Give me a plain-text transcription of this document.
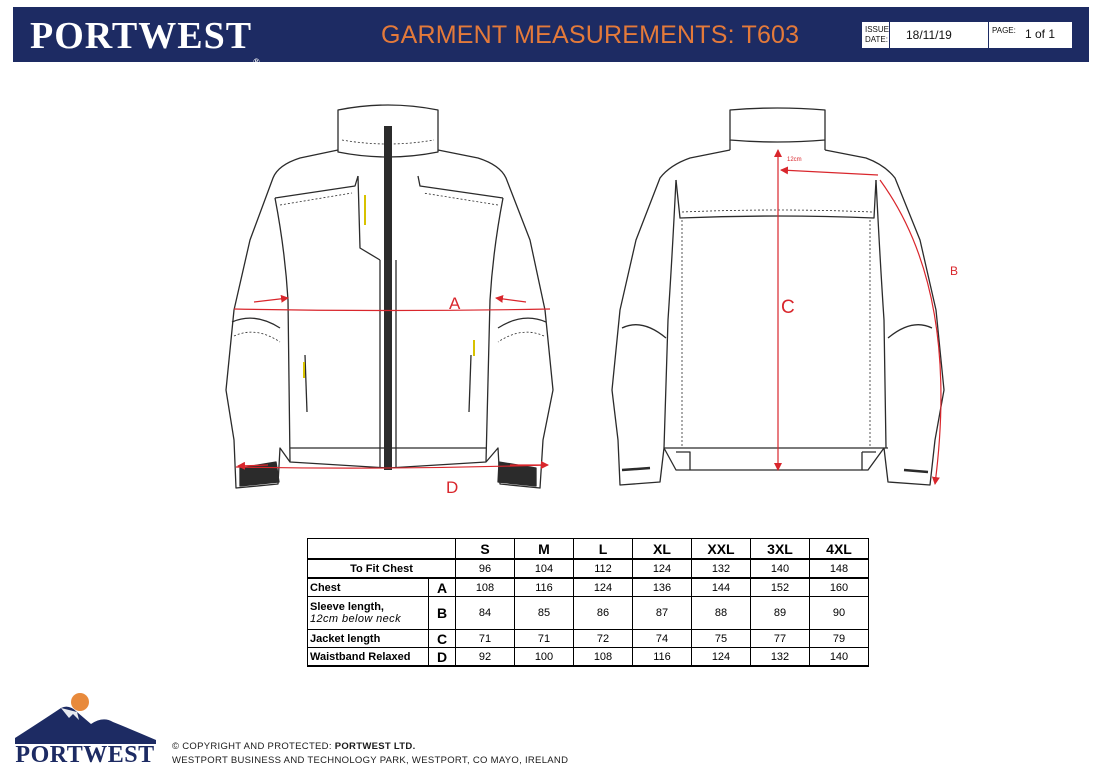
PORTWEST®
GARMENT MEASUREMENTS: T603	ISSUE
DATE: 18/11/19	PAGE: 1 of 1
A
D
C
B
12cm
		S	M	L	XL	XXL	3XL	4XL
To Fit Chest		96	104	112	124	132	140	148
Chest	A	108	116	124	136	144	152	160
Sleeve length,
12cm below neck	B	84	85	86	87	88	89	90
Jacket length	C	71	71	72	74	75	77	79
Waistband Relaxed	D	92	100	108	116	124	132	140
PORTWEST © COPYRIGHT AND PROTECTED: PORTWEST LTD.
WESTPORT BUSINESS AND TECHNOLOGY PARK, WESTPORT, CO MAYO, IRELAND
